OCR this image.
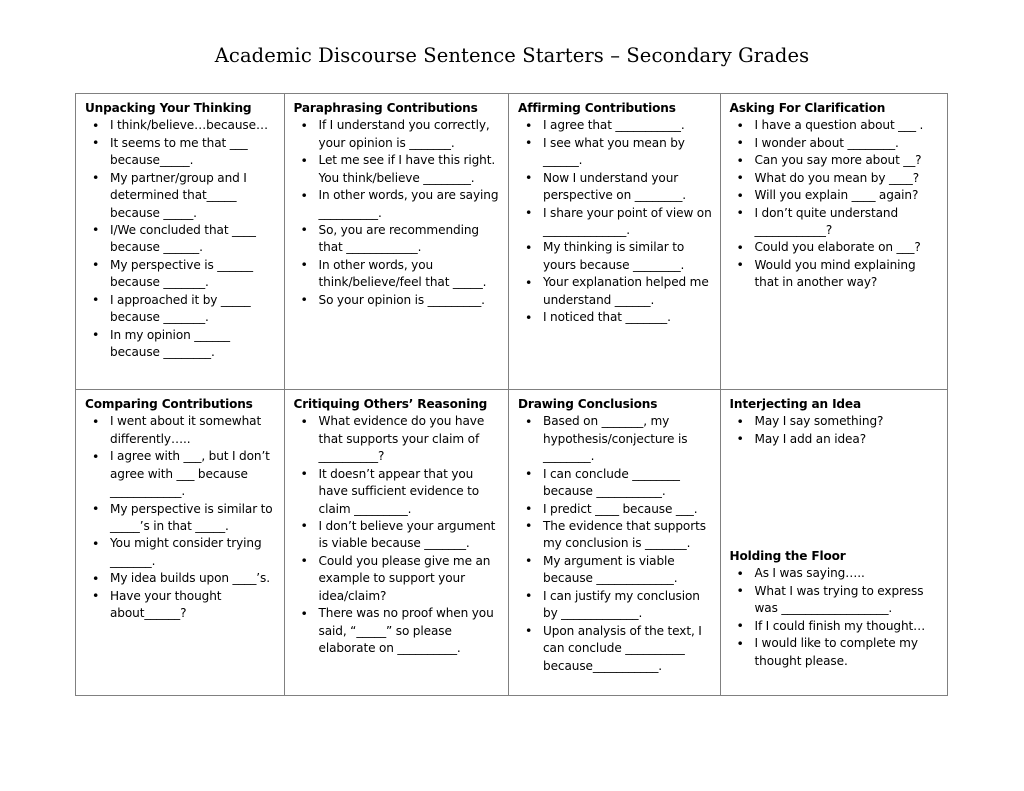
Academic Discourse Sentence Starters – Secondary Grades
Unpacking Your Thinking
• I think/believe…because…
• It seems to me that ___ because_____.
• My partner/group and I determined that_____ because _____.
• I/We concluded that ____ because ______.
• My perspective is ______ because _______.
• I approached it by _____ because _______.
• In my opinion ______ because ________.
Paraphrasing Contributions
• If I understand you correctly, your opinion is _______.
• Let me see if I have this right. You think/believe ________.
• In other words, you are saying __________.
• So, you are recommending that ____________.
• In other words, you think/believe/feel that _____.
• So your opinion is _________.
Affirming Contributions
• I agree that ___________.
• I see what you mean by ______.
• Now I understand your perspective on ________.
• I share your point of view on ______________.
• My thinking is similar to yours because ________.
• Your explanation helped me understand ______.
• I noticed that _______.
Asking For Clarification
• I have a question about ___ .
• I wonder about ________.
• Can you say more about __?
• What do you mean by ____?
• Will you explain ____ again?
• I don’t quite understand ____________?
• Could you elaborate on ___?
• Would you mind explaining that in another way?
Comparing Contributions
• I went about it somewhat differently…..
• I agree with ___, but I don’t agree with ___ because ____________.
• My perspective is similar to _____’s in that _____.
• You might consider trying _______.
• My idea builds upon ____’s.
• Have your thought about______?
Critiquing Others’ Reasoning
• What evidence do you have that supports your claim of __________?
• It doesn’t appear that you have sufficient evidence to claim _________.
• I don’t believe your argument is viable because _______.
• Could you please give me an example to support your idea/claim?
• There was no proof when you said, “_____” so please elaborate on __________.
Drawing Conclusions
• Based on _______, my hypothesis/conjecture is ________.
• I can conclude ________ because ___________.
• I predict ____ because ___.
• The evidence that supports my conclusion is _______.
• My argument is viable because _____________.
• I can justify my conclusion by _____________.
• Upon analysis of the text, I can conclude __________ because___________.
Interjecting an Idea
• May I say something?
• May I add an idea?
Holding the Floor
• As I was saying…..
• What I was trying to express was __________________.
• If I could finish my thought…
• I would like to complete my thought please.
